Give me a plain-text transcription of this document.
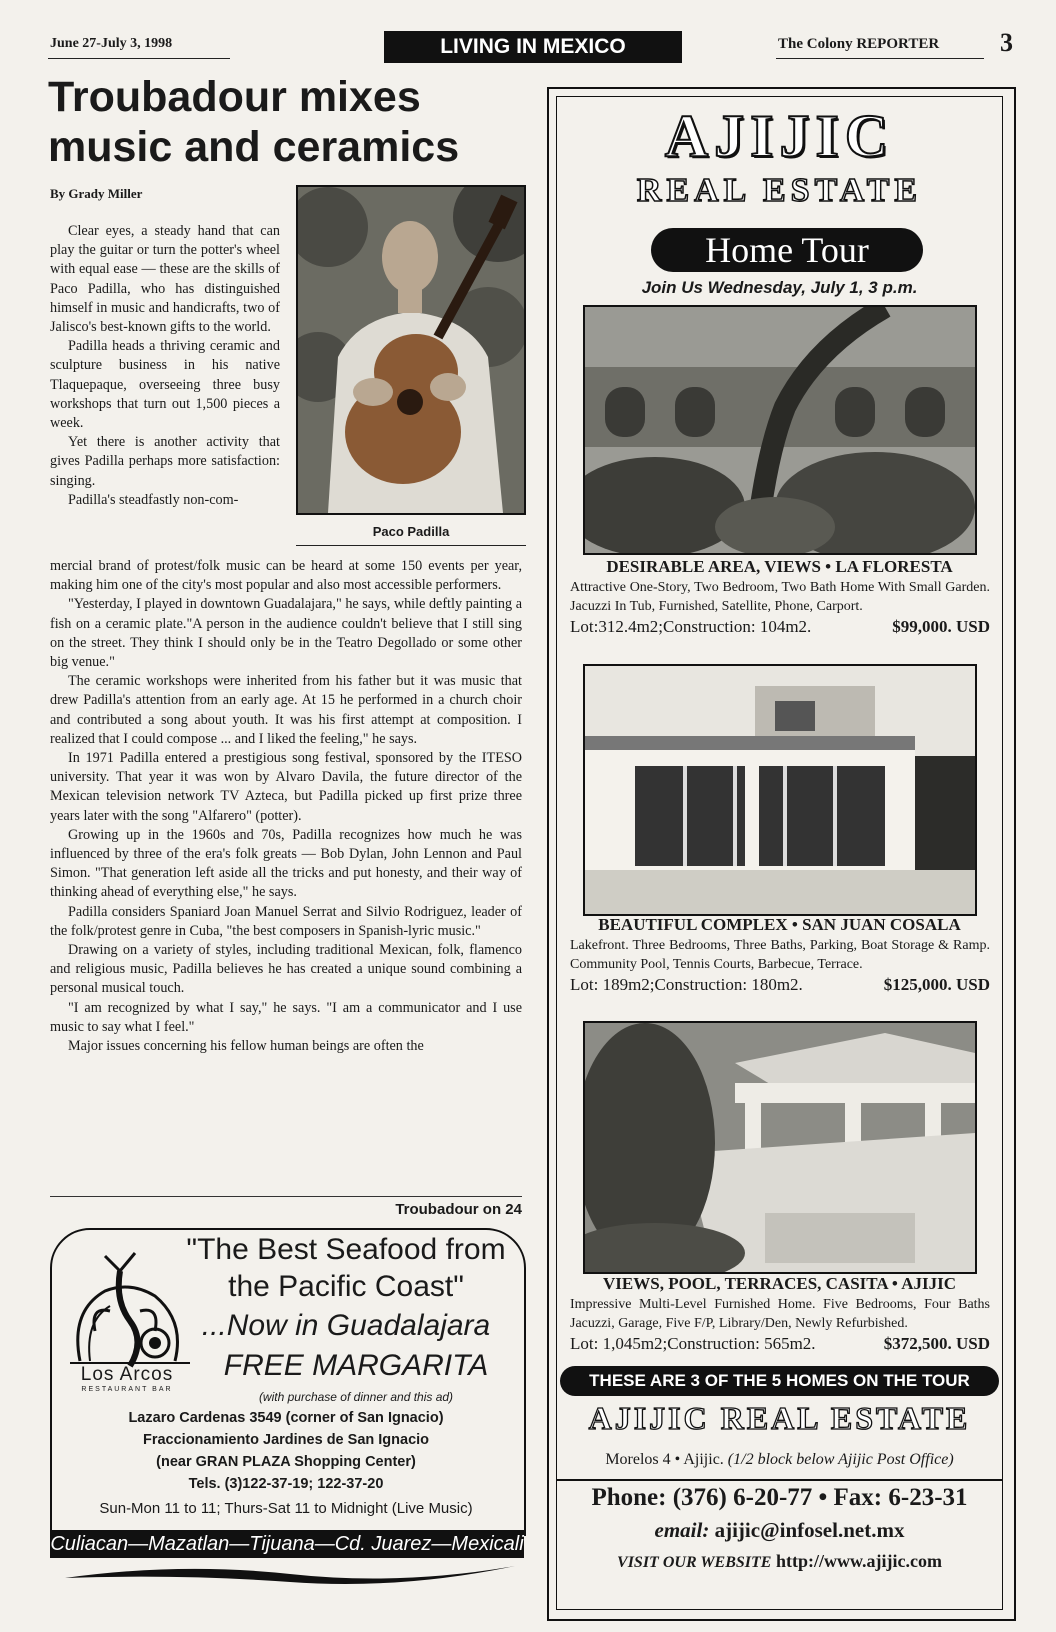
June 27-July 3, 1998	LIVING IN MEXICO	The Colony REPORTER 3
Troubadour mixes
music and ceramics
By Grady Miller
Paco Padilla

Clear eyes, a steady hand that can play the guitar or turn the potter's wheel with equal ease — these are the skills of Paco Padilla, who has distinguished himself in music and handicrafts, two of Jalisco's best-known gifts to the world.

Padilla heads a thriving ceramic and sculpture business in his native Tlaquepaque, overseeing three busy workshops that turn out 1,500 pieces a week.

Yet there is another activity that gives Padilla perhaps more satisfaction: singing.

Padilla's steadfastly non-com-

mercial brand of protest/folk music can be heard at some 150 events per year, making him one of the city's most popular and also most accessible performers.

"Yesterday, I played in downtown Guadalajara," he says, while deftly painting a fish on a ceramic plate."A person in the audience couldn't believe that I still sing on the street. They think I should only be in the Teatro Degollado or some other big venue."

The ceramic workshops were inherited from his father but it was music that drew Padilla's attention from an early age. At 15 he performed in a church choir and contributed a song about youth. It was his first attempt at composition. I realized that I could compose ... and I liked the feeling," he says.

In 1971 Padilla entered a prestigious song festival, sponsored by the ITESO university. That year it was won by Alvaro Davila, the future director of the Mexican television network TV Azteca, but Padilla picked up first prize three years later with the song "Alfarero" (potter).

Growing up in the 1960s and 70s, Padilla recognizes how much he was influenced by three of the era's folk greats — Bob Dylan, John Lennon and Paul Simon. "That generation left aside all the tricks and put honesty, and their way of thinking ahead of everything else," he says.

Padilla considers Spaniard Joan Manuel Serrat and Silvio Rodriguez, leader of the folk/protest genre in Cuba, "the best composers in Spanish-lyric music."

Drawing on a variety of styles, including traditional Mexican, folk, flamenco and religious music, Padilla believes he has created a unique sound combining a personal musical touch.

"I am recognized by what I say," he says. "I am a communicator and I use music to say what I feel."

Major issues concerning his fellow human beings are often the

Troubadour on 24
Los Arcos
RESTAURANT BAR
"The Best Seafood from
the Pacific Coast"
...Now in Guadalajara
FREE MARGARITA
(with purchase of dinner and this ad)
Lazaro Cardenas 3549 (corner of San Ignacio)
Fraccionamiento Jardines de San Ignacio
(near GRAN PLAZA Shopping Center)
Tels. (3)122-37-19; 122-37-20
Sun-Mon 11 to 11; Thurs-Sat 11 to Midnight (Live Music)
Culiacan—Mazatlan—Tijuana—Cd. Juarez—Mexicali
AJIJIC
REAL ESTATE
Home Tour
Join Us Wednesday, July 1, 3 p.m.
DESIRABLE AREA, VIEWS • LA FLORESTA
Attractive One-Story, Two Bedroom, Two Bath Home With Small Garden. Jacuzzi In Tub, Furnished, Satellite, Phone, Carport.
Lot:312.4m2;Construction: 104m2.	$99,000. USD
BEAUTIFUL COMPLEX • SAN JUAN COSALA
Lakefront. Three Bedrooms, Three Baths, Parking, Boat Storage & Ramp. Community Pool, Tennis Courts, Barbecue, Terrace.
Lot: 189m2;Construction: 180m2.	$125,000. USD
VIEWS, POOL, TERRACES, CASITA • AJIJIC
Impressive Multi-Level Furnished Home. Five Bedrooms, Four Baths Jacuzzi, Garage, Five F/P, Library/Den, Newly Refurbished.
Lot: 1,045m2;Construction: 565m2.	$372,500. USD
THESE ARE 3 OF THE 5 HOMES ON THE TOUR
AJIJIC REAL ESTATE
Morelos 4 • Ajijic. (1/2 block below Ajijic Post Office)
Phone: (376) 6-20-77 • Fax: 6-23-31
email: ajijic@infosel.net.mx
VISIT OUR WEBSITE http://www.ajijic.com
